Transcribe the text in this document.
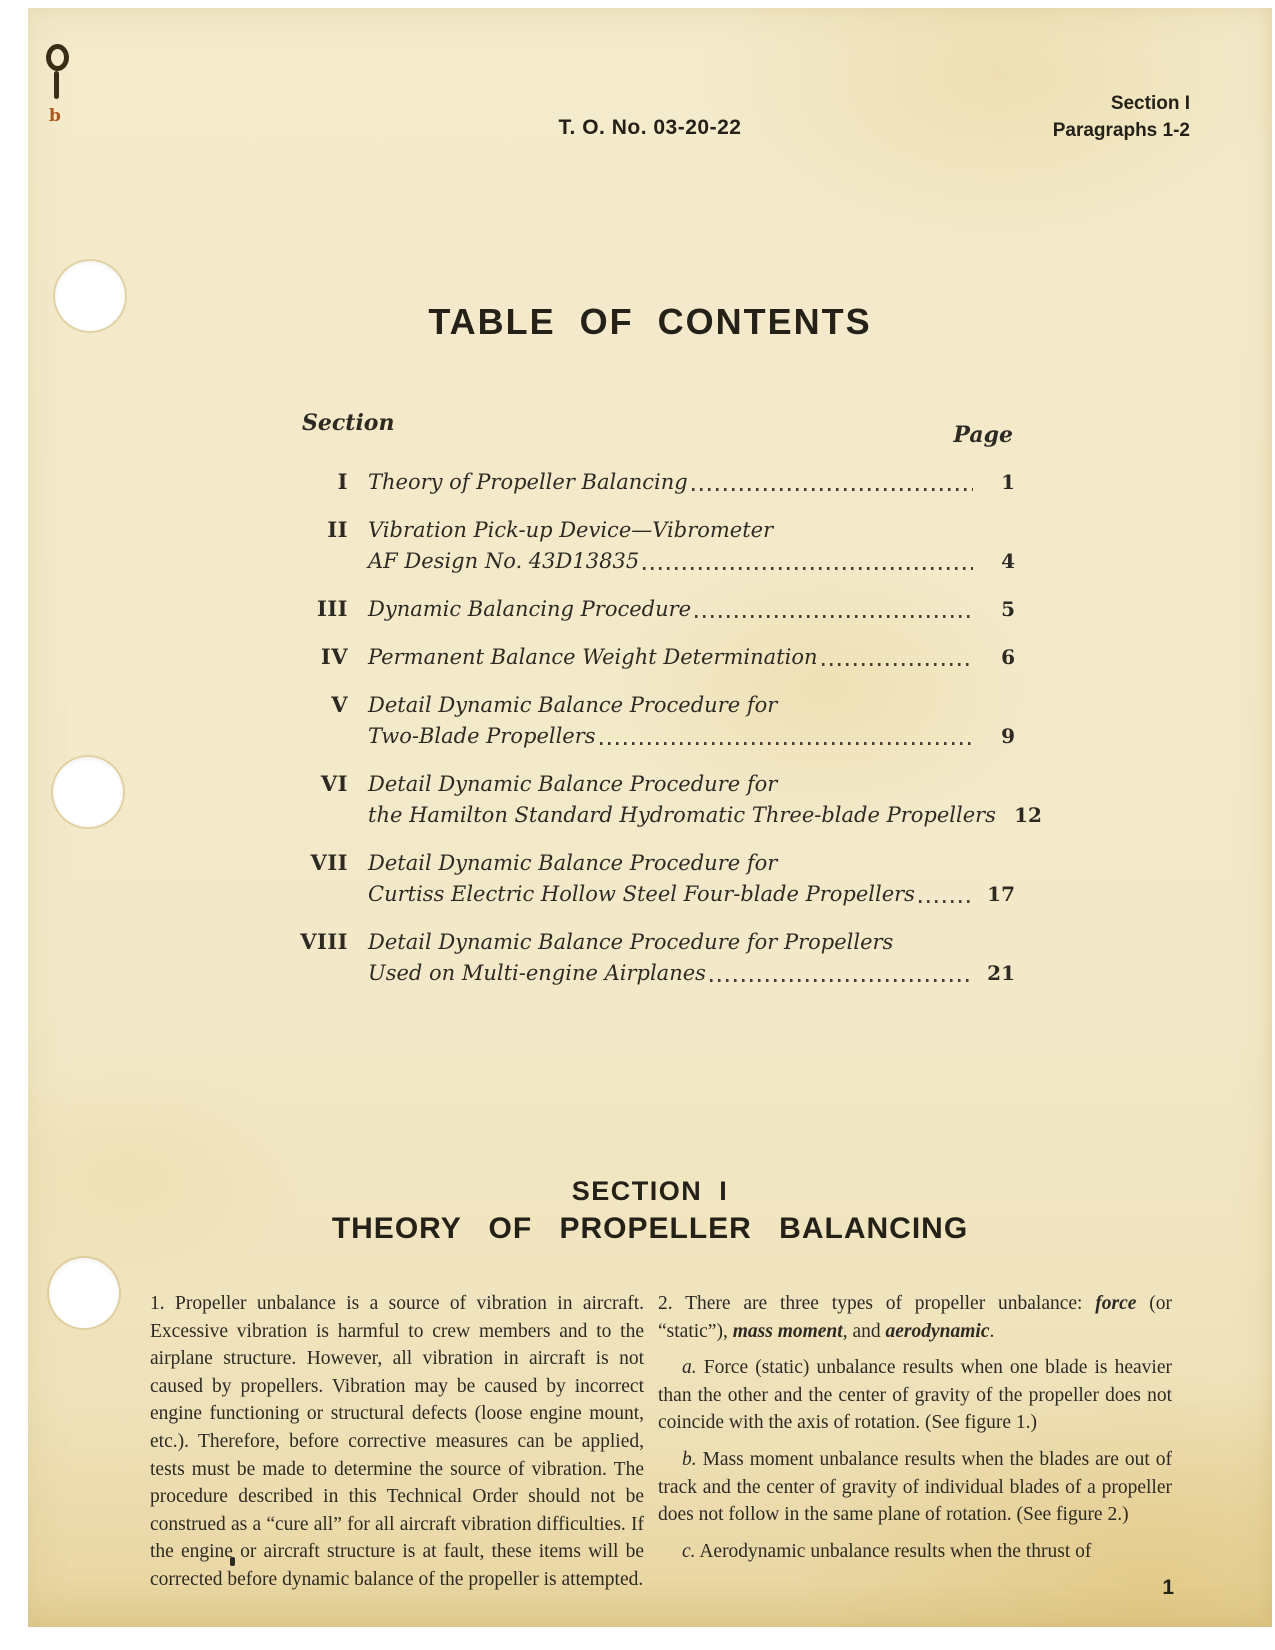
b	T. O. No. 03-20-22
Section I
Paragraphs 1-2
TABLE OF CONTENTS
Section	Page
I Theory of Propeller Balancing	1
II Vibration Pick-up Device—Vibrometer
AF Design No. 43D13835	4
III Dynamic Balancing Procedure	5
IV Permanent Balance Weight Determination	6
V Detail Dynamic Balance Procedure for
Two-Blade Propellers	9
VI Detail Dynamic Balance Procedure for
the Hamilton Standard Hydromatic Three-blade Propellers 12
VII Detail Dynamic Balance Procedure for
Curtiss Electric Hollow Steel Four-blade Propellers	17
VIII Detail Dynamic Balance Procedure for Propellers
Used on Multi-engine Airplanes	21
SECTION I
THEORY OF PROPELLER BALANCING

1. Propeller unbalance is a source of vibration in aircraft. Excessive vibration is harmful to crew members and to the airplane structure. However, all vibration in aircraft is not caused by propellers. Vibration may be caused by incorrect engine functioning or structural defects (loose engine mount, etc.). Therefore, before corrective measures can be applied, tests must be made to determine the source of vibration. The procedure described in this Technical Order should not be construed as a “cure all” for all aircraft vibration difficulties. If the engine or aircraft structure is at fault, these items will be corrected before dynamic balance of the propeller is attempted.

2. There are three types of propeller unbalance: force (or “static”), mass moment, and aerodynamic.

a. Force (static) unbalance results when one blade is heavier than the other and the center of gravity of the propeller does not coincide with the axis of rotation. (See figure 1.)

b. Mass moment unbalance results when the blades are out of track and the center of gravity of individual blades of a propeller does not follow in the same plane of rotation. (See figure 2.)

c. Aerodynamic unbalance results when the thrust of

1
